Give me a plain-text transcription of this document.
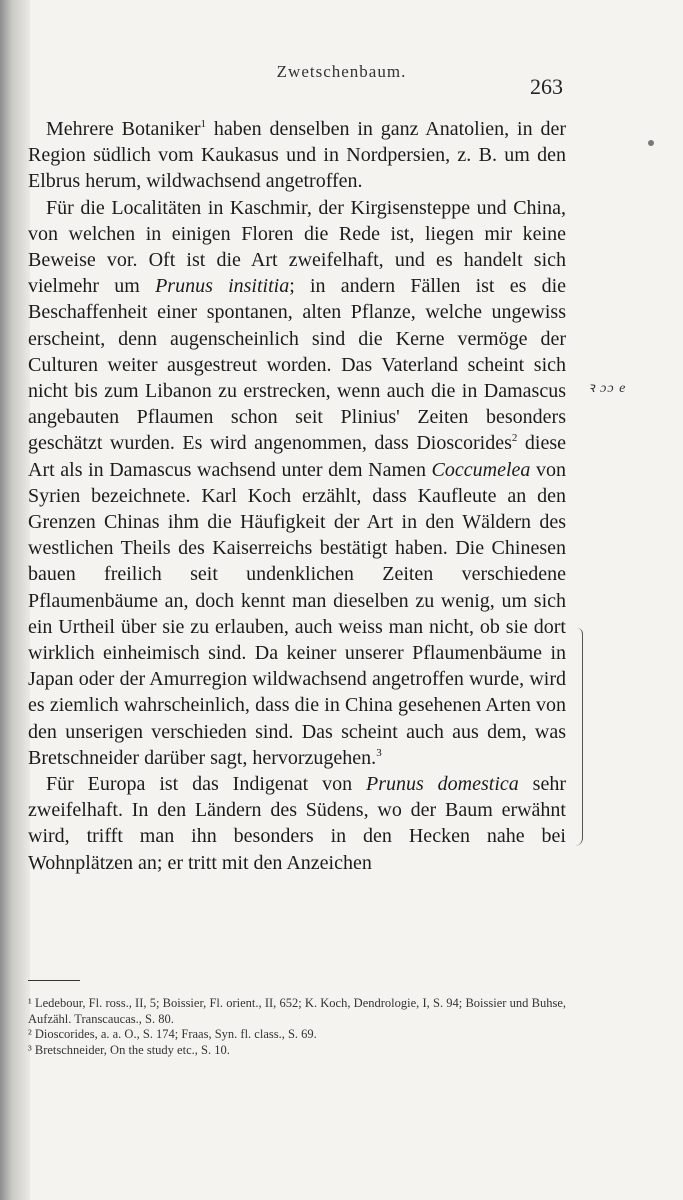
Zwetschenbaum.
263

Mehrere Botaniker$^1$ haben denselben in ganz Anatolien, in der Region südlich vom Kaukasus und in Nordpersien, z. B. um den Elbrus herum, wildwachsend angetroffen.

Für die Localitäten in Kaschmir, der Kirgisensteppe und China, von welchen in einigen Floren die Rede ist, liegen mir keine Beweise vor. Oft ist die Art zweifelhaft, und es handelt sich vielmehr um Prunus insititia; in andern Fällen ist es die Beschaffenheit einer spontanen, alten Pflanze, welche ungewiss erscheint, denn augenscheinlich sind die Kerne vermöge der Culturen weiter ausgestreut worden. Das Vaterland scheint sich nicht bis zum Libanon zu erstrecken, wenn auch die in Damascus angebauten Pflaumen schon seit Plinius' Zeiten besonders geschätzt wurden. Es wird angenommen, dass Dioscorides$^2$ diese Art als in Damascus wachsend unter dem Namen Coccumelea von Syrien bezeichnete. Karl Koch erzählt, dass Kaufleute an den Grenzen Chinas ihm die Häufigkeit der Art in den Wäldern des westlichen Theils des Kaiserreichs bestätigt haben. Die Chinesen bauen freilich seit undenklichen Zeiten verschiedene Pflaumenbäume an, doch kennt man dieselben zu wenig, um sich ein Urtheil über sie zu erlauben, auch weiss man nicht, ob sie dort wirklich einheimisch sind. Da keiner unserer Pflaumenbäume in Japan oder der Amurregion wildwachsend angetroffen wurde, wird es ziemlich wahrscheinlich, dass die in China gesehenen Arten von den unserigen verschieden sind. Das scheint auch aus dem, was Bretschneider darüber sagt, hervorzugehen.$^3$

Für Europa ist das Indigenat von Prunus domestica sehr zweifelhaft. In den Ländern des Südens, wo der Baum erwähnt wird, trifft man ihn besonders in den Hecken nahe bei Wohnplätzen an; er tritt mit den Anzeichen

¹ Ledebour, Fl. ross., II, 5; Boissier, Fl. orient., II, 652; K. Koch, Dendrologie, I, S. 94; Boissier und Buhse, Aufzähl. Transcaucas., S. 80.

² Dioscorides, a. a. O., S. 174; Fraas, Syn. fl. class., S. 69.

³ Bretschneider, On the study etc., S. 10.

ꝛ ɔɔ e
